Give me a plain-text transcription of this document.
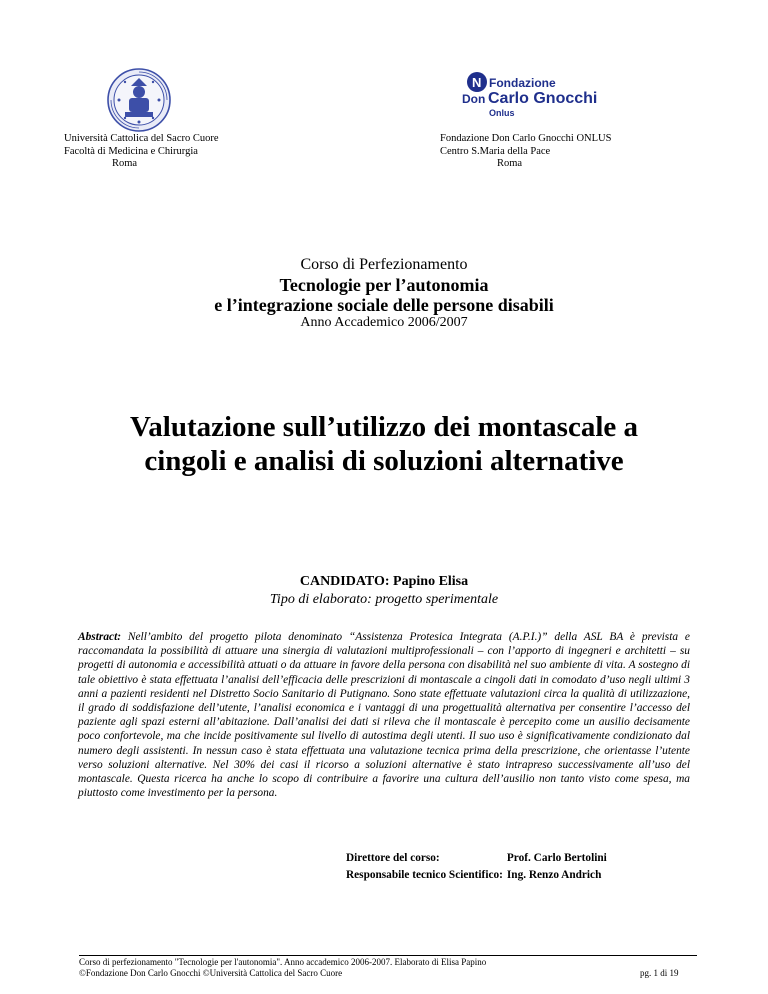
N Fondazione
Don Carlo Gnocchi
Onlus
Università Cattolica del Sacro Cuore
Facoltà di Medicina e Chirurgia
Roma
Fondazione Don Carlo Gnocchi ONLUS
Centro S.Maria della Pace
Roma
Corso di Perfezionamento
Tecnologie per l’autonomia
e l’integrazione sociale delle persone disabili
Anno Accademico 2006/2007
Valutazione sull’utilizzo dei montascale a
cingoli e analisi di soluzioni alternative
CANDIDATO: Papino Elisa
Tipo di elaborato: progetto sperimentale
Abstract: Nell’ambito del progetto pilota denominato “Assistenza Protesica Integrata (A.P.I.)” della ASL BA è prevista e raccomandata la possibilità di attuare una sinergia di valutazioni multiprofessionali – con l’apporto di ingegneri e architetti – su progetti di autonomia e accessibilità attuati o da attuare in favore della persona con disabilità nel suo ambiente di vita. A sostegno di tale obiettivo è stata effettuata l’analisi dell’efficacia delle prescrizioni di montascale a cingoli dati in comodato d’uso negli ultimi 3 anni a pazienti residenti nel Distretto Socio Sanitario di Putignano. Sono state effettuate valutazioni circa la qualità di utilizzazione, il grado di soddisfazione dell’utente, l’analisi economica e i vantaggi di una progettualità alternativa per consentire l’accesso del paziente agli spazi esterni all’abitazione. Dall’analisi dei dati si rileva che il montascale è percepito come un ausilio decisamente poco confortevole, ma che incide positivamente sul livello di autostima degli utenti. Il suo uso è significativamente condizionato dal numero degli assistenti. In nessun caso è stata effettuata una valutazione tecnica prima della prescrizione, che orientasse l’utente verso soluzioni alternative. Nel 30% dei casi il ricorso a soluzioni alternative è stato intrapreso successivamente all’uso del montascale. Questa ricerca ha anche lo scopo di contribuire a favorire una cultura dell’ausilio non tanto visto come spesa, ma piuttosto come investimento per la persona.
Direttore del corso:	Prof. Carlo Bertolini
Responsabile tecnico Scientifico:	Ing. Renzo Andrich
Corso di perfezionamento "Tecnologie per l'autonomia". Anno accademico 2006-2007. Elaborato di Elisa Papino
©Fondazione Don Carlo Gnocchi ©Università Cattolica del Sacro Cuore	pg. 1 di 19
